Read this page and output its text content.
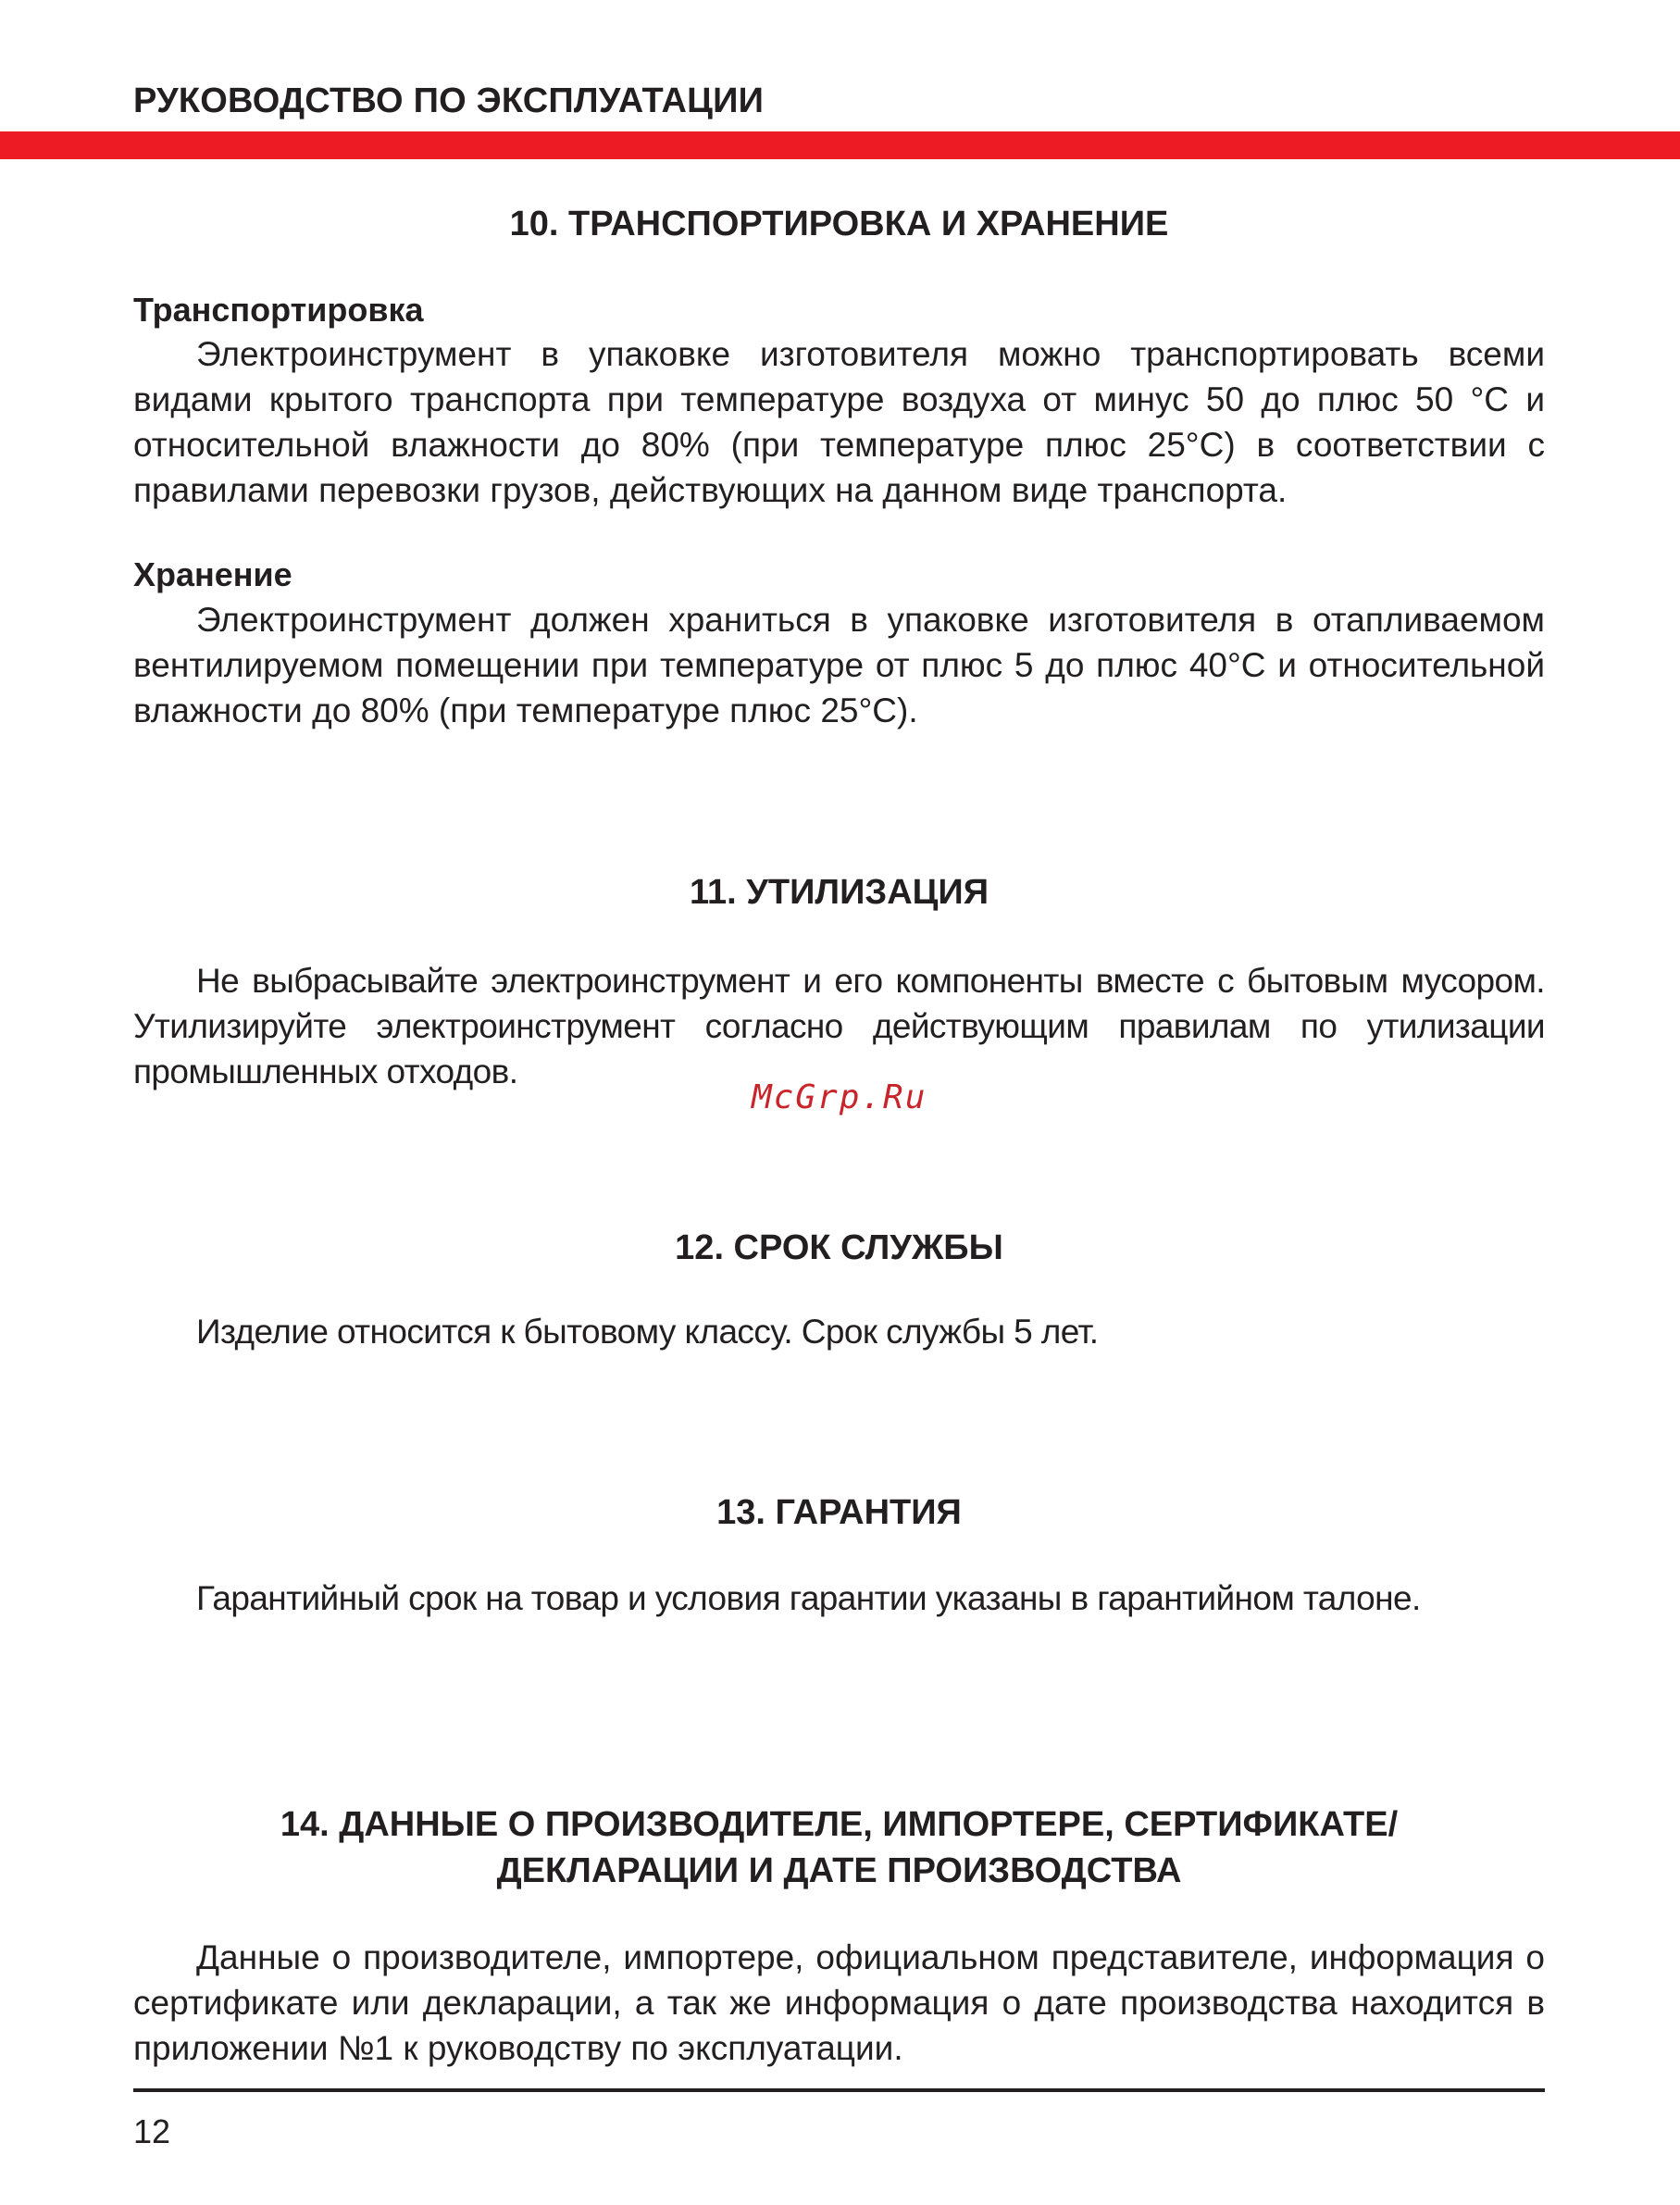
РУКОВОДСТВО ПО ЭКСПЛУАТАЦИИ
10. ТРАНСПОРТИРОВКА И ХРАНЕНИЕ
Транспортировка
Электроинструмент в упаковке изготовителя можно транспортировать всеми видами крытого транспорта при температуре воздуха от минус 50 до плюс 50 °С и относительной влажности до 80% (при температуре плюс 25°С) в соответствии с правилами перевозки грузов, действующих на данном виде транспорта.
Хранение
Электроинструмент должен храниться в упаковке изготовителя в отапливаемом вентилируемом помещении при температуре от плюс 5 до плюс 40°С и относительной влажности до 80% (при температуре плюс 25°С).
11. УТИЛИЗАЦИЯ
Не выбрасывайте электроинструмент и его компоненты вместе с бытовым мусором. Утилизируйте электроинструмент согласно действующим правилам по утилизации промышленных отходов.
McGrp.Ru
12. СРОК СЛУЖБЫ
Изделие относится к бытовому классу. Срок службы 5 лет.
13. ГАРАНТИЯ
Гарантийный срок на товар и условия гарантии указаны в гарантийном талоне.
14. ДАННЫЕ О ПРОИЗВОДИТЕЛЕ, ИМПОРТЕРЕ, СЕРТИФИКАТЕ/
ДЕКЛАРАЦИИ И ДАТЕ ПРОИЗВОДСТВА
Данные о производителе, импортере, официальном представителе, информация о сертификате или декларации, а так же информация о дате производства находится в приложении №1 к руководству по эксплуатации.
12
